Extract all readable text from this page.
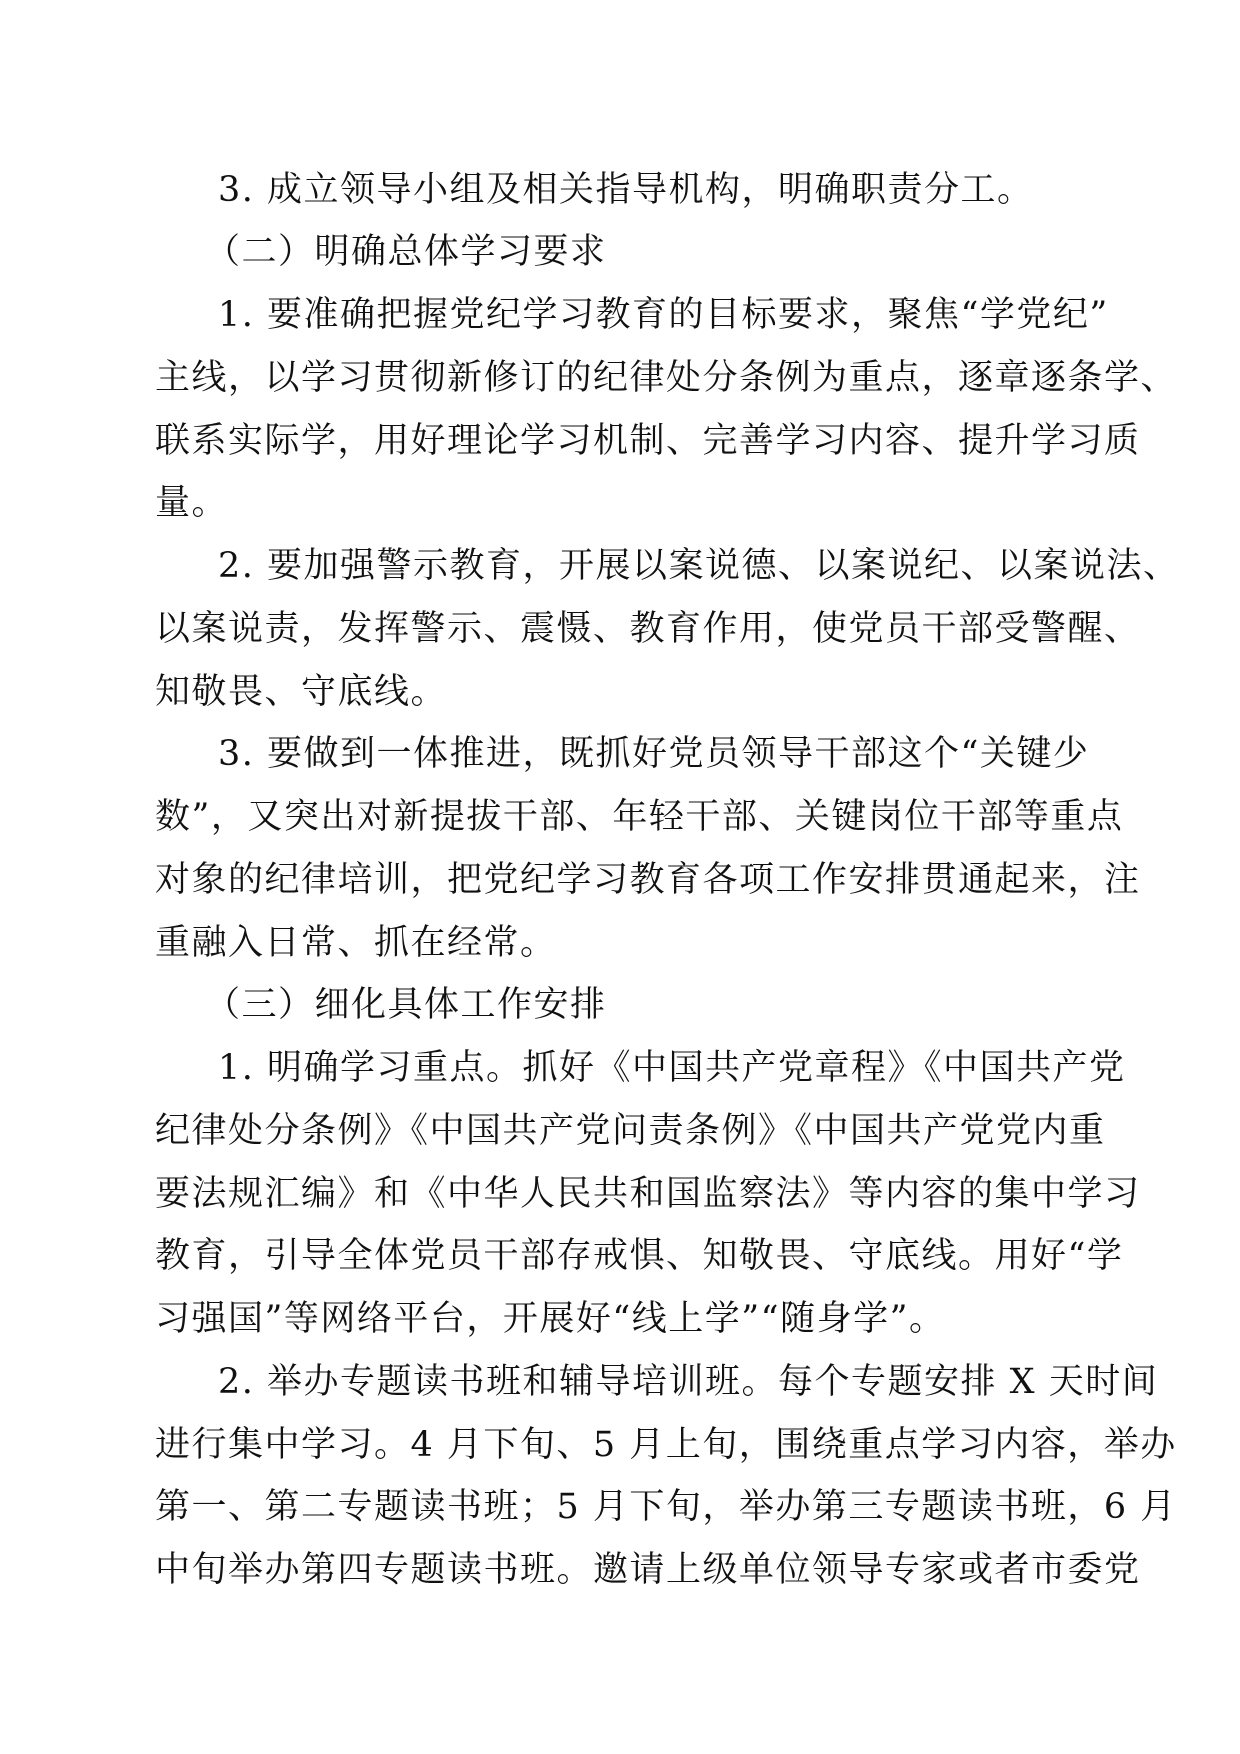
3. 成立领导小组及相关指导机构，明确职责分工。
（二）明确总体学习要求
1. 要准确把握党纪学习教育的目标要求，聚焦“学党纪”
主线，以学习贯彻新修订的纪律处分条例为重点，逐章逐条学、
联系实际学，用好理论学习机制、完善学习内容、提升学习质
量。
2. 要加强警示教育，开展以案说德、以案说纪、以案说法、
以案说责，发挥警示、震慑、教育作用，使党员干部受警醒、
知敬畏、守底线。
3. 要做到一体推进，既抓好党员领导干部这个“关键少
数”，又突出对新提拔干部、年轻干部、关键岗位干部等重点
对象的纪律培训，把党纪学习教育各项工作安排贯通起来，注
重融入日常、抓在经常。
（三）细化具体工作安排
1. 明确学习重点。抓好《中国共产党章程》《中国共产党
纪律处分条例》《中国共产党问责条例》《中国共产党党内重
要法规汇编》和《中华人民共和国监察法》等内容的集中学习
教育，引导全体党员干部存戒惧、知敬畏、守底线。用好“学
习强国”等网络平台，开展好“线上学”“随身学”。
2. 举办专题读书班和辅导培训班。每个专题安排 X 天时间
进行集中学习。4 月下旬、5 月上旬，围绕重点学习内容，举办
第一、第二专题读书班；5 月下旬，举办第三专题读书班，6 月
中旬举办第四专题读书班。邀请上级单位领导专家或者市委党
